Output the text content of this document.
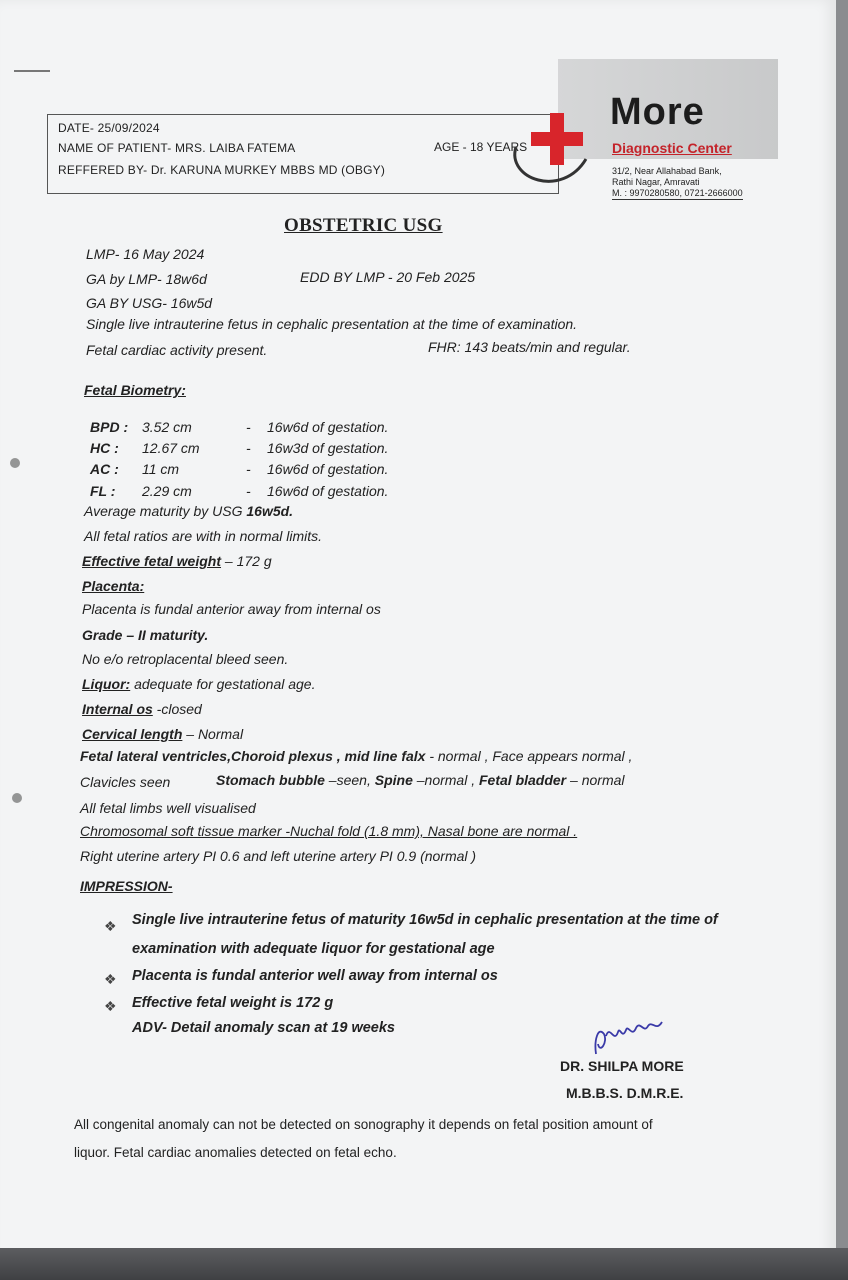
DATE- 25/09/2024
NAME OF PATIENT- MRS. LAIBA FATEMA	AGE - 18 YEARS
REFFERED BY- Dr. KARUNA MURKEY MBBS MD (OBGY)
More
Diagnostic Center
31/2, Near Allahabad Bank,
Rathi Nagar, Amravati
M. : 9970280580, 0721-2666000
OBSTETRIC USG
LMP- 16 May 2024
GA by LMP- 18w6d	EDD BY LMP - 20 Feb 2025
GA BY USG- 16w5d
Single live intrauterine fetus in cephalic presentation at the time of examination.
Fetal cardiac activity present.	FHR: 143 beats/min and regular.
Fetal Biometry:
BPD : 3.52 cm	- 16w6d of gestation.
HC : 12.67 cm	- 16w3d of gestation.
AC : 11 cm	- 16w6d of gestation.
FL : 2.29 cm	- 16w6d of gestation.
Average maturity by USG 16w5d.
All fetal ratios are with in normal limits.
Effective fetal weight – 172 g
Placenta:
Placenta is fundal anterior away from internal os
Grade – II maturity.
No e/o retroplacental bleed seen.
Liquor: adequate for gestational age.
Internal os -closed
Cervical length – Normal
Fetal lateral ventricles,Choroid plexus , mid line falx - normal , Face appears normal ,
Clavicles seen	Stomach bubble –seen, Spine –normal , Fetal bladder – normal
All fetal limbs well visualised
Chromosomal soft tissue marker -Nuchal fold (1.8 mm), Nasal bone are normal .
Right uterine artery PI 0.6 and left uterine artery PI 0.9 (normal )
IMPRESSION-
❖ Single live intrauterine fetus of maturity 16w5d in cephalic presentation at the time of
examination with adequate liquor for gestational age
❖ Placenta is fundal anterior well away from internal os
❖ Effective fetal weight is 172 g
ADV- Detail anomaly scan at 19 weeks
DR. SHILPA MORE
M.B.B.S. D.M.R.E.
All congenital anomaly can not be detected on sonography it depends on fetal position amount of
liquor. Fetal cardiac anomalies detected on fetal echo.
